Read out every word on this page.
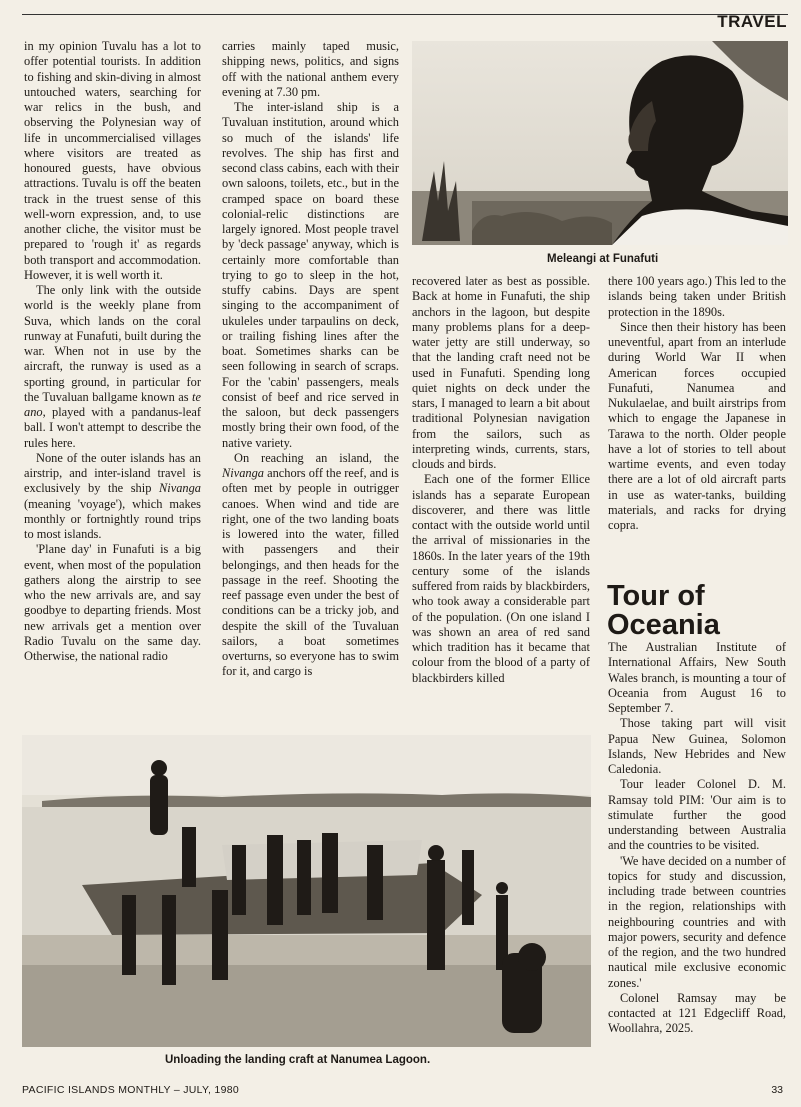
TRAVEL

in my opinion Tuvalu has a lot to offer potential tourists. In addition to fishing and skin-diving in almost untouched waters, searching for war relics in the bush, and observing the Polynesian way of life in uncommercialised villages where visitors are treated as honoured guests, have obvious attractions. Tuvalu is off the beaten track in the truest sense of this well-worn expression, and, to use another cliche, the visitor must be prepared to 'rough it' as regards both transport and accommodation. However, it is well worth it.

The only link with the outside world is the weekly plane from Suva, which lands on the coral runway at Funafuti, built during the war. When not in use by the aircraft, the runway is used as a sporting ground, in particular for the Tuvaluan ballgame known as te ano, played with a pandanus-leaf ball. I won't attempt to describe the rules here.

None of the outer islands has an airstrip, and inter-island travel is exclusively by the ship Nivanga (meaning 'voyage'), which makes monthly or fortnightly round trips to most islands.

'Plane day' in Funafuti is a big event, when most of the population gathers along the airstrip to see who the new arrivals are, and say goodbye to departing friends. Most new arrivals get a mention over Radio Tuvalu on the same day. Otherwise, the national radio

carries mainly taped music, shipping news, politics, and signs off with the national anthem every evening at 7.30 pm.

The inter-island ship is a Tuvaluan institution, around which so much of the islands' life revolves. The ship has first and second class cabins, each with their own saloons, toilets, etc., but in the cramped space on board these colonial-relic distinctions are largely ignored. Most people travel by 'deck passage' anyway, which is certainly more comfortable than trying to go to sleep in the hot, stuffy cabins. Days are spent singing to the accompaniment of ukuleles under tarpaulins on deck, or trailing fishing lines after the boat. Sometimes sharks can be seen following in search of scraps. For the 'cabin' passengers, meals consist of beef and rice served in the saloon, but deck passengers mostly bring their own food, of the native variety.

On reaching an island, the Nivanga anchors off the reef, and is often met by people in outrigger canoes. When wind and tide are right, one of the two landing boats is lowered into the water, filled with passengers and their belongings, and then heads for the passage in the reef. Shooting the reef passage even under the best of conditions can be a tricky job, and despite the skill of the Tuvaluan sailors, a boat sometimes overturns, so everyone has to swim for it, and cargo is

Meleangi at Funafuti

recovered later as best as possible. Back at home in Funafuti, the ship anchors in the lagoon, but despite many problems plans for a deep-water jetty are still underway, so that the landing craft need not be used in Funafuti. Spending long quiet nights on deck under the stars, I managed to learn a bit about traditional Polynesian navigation from the sailors, such as interpreting winds, currents, stars, clouds and birds.

Each one of the former Ellice islands has a separate European discoverer, and there was little contact with the outside world until the arrival of missionaries in the 1860s. In the later years of the 19th century some of the islands suffered from raids by blackbirders, who took away a considerable part of the population. (On one island I was shown an area of red sand which tradition has it became that colour from the blood of a party of blackbirders killed

there 100 years ago.) This led to the islands being taken under British protection in the 1890s.

Since then their history has been uneventful, apart from an interlude during World War II when American forces occupied Funafuti, Nanumea and Nukulaelae, and built airstrips from which to engage the Japanese in Tarawa to the north. Older people have a lot of stories to tell about wartime events, and even today there are a lot of old aircraft parts in use as water-tanks, building materials, and racks for drying copra.

Tour of Oceania

The Australian Institute of International Affairs, New South Wales branch, is mounting a tour of Oceania from August 16 to September 7.

Those taking part will visit Papua New Guinea, Solomon Islands, New Hebrides and New Caledonia.

Tour leader Colonel D. M. Ramsay told PIM: 'Our aim is to stimulate further the good understanding between Australia and the countries to be visited.

'We have decided on a number of topics for study and discussion, including trade between countries in the region, relationships with neighbouring countries and with major powers, security and defence of the region, and the two hundred nautical mile exclusive economic zones.'

Colonel Ramsay may be contacted at 121 Edgecliff Road, Woollahra, 2025.

Unloading the landing craft at Nanumea Lagoon.
PACIFIC ISLANDS MONTHLY – JULY, 1980	33
